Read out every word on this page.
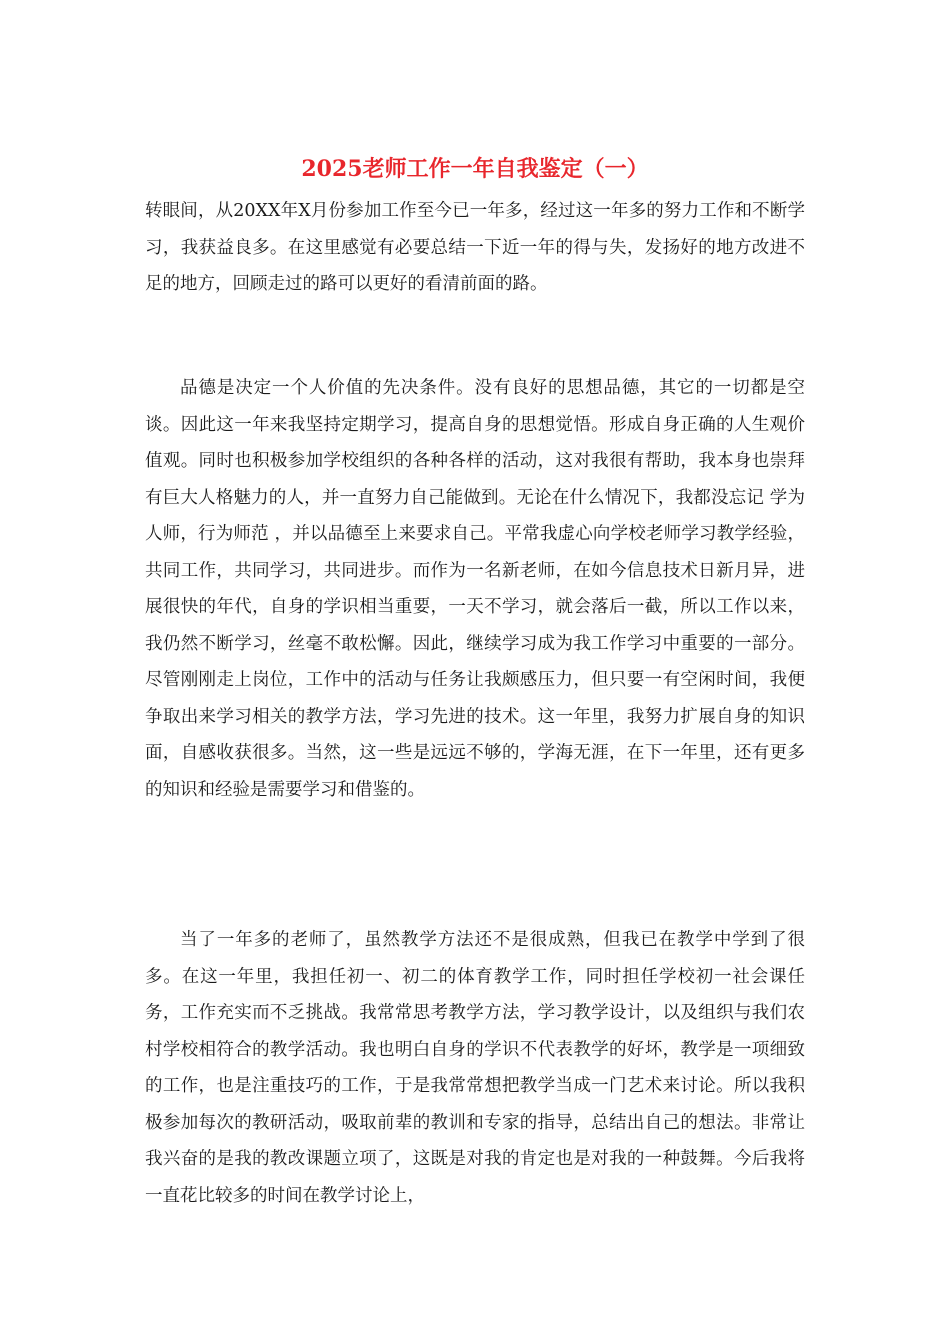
2025老师工作一年自我鉴定（一）

转眼间，从20XX年X月份参加工作至今已一年多，经过这一年多的努力工作和不断学习，我获益良多。在这里感觉有必要总结一下近一年的得与失，发扬好的地方改进不足的地方，回顾走过的路可以更好的看清前面的路。

品德是决定一个人价值的先决条件。没有良好的思想品德，其它的一切都是空谈。因此这一年来我坚持定期学习，提高自身的思想觉悟。形成自身正确的人生观价值观。同时也积极参加学校组织的各种各样的活动，这对我很有帮助，我本身也崇拜有巨大人格魅力的人，并一直努力自己能做到。无论在什么情况下，我都没忘记 学为人师，行为师范 ，并以品德至上来要求自己。平常我虚心向学校老师学习教学经验，共同工作，共同学习，共同进步。而作为一名新老师，在如今信息技术日新月异，进展很快的年代，自身的学识相当重要，一天不学习，就会落后一截，所以工作以来，我仍然不断学习，丝毫不敢松懈。因此，继续学习成为我工作学习中重要的一部分。尽管刚刚走上岗位，工作中的活动与任务让我颇感压力，但只要一有空闲时间，我便争取出来学习相关的教学方法，学习先进的技术。这一年里，我努力扩展自身的知识面，自感收获很多。当然，这一些是远远不够的，学海无涯，在下一年里，还有更多的知识和经验是需要学习和借鉴的。

当了一年多的老师了，虽然教学方法还不是很成熟，但我已在教学中学到了很多。在这一年里，我担任初一、初二的体育教学工作，同时担任学校初一社会课任务，工作充实而不乏挑战。我常常思考教学方法，学习教学设计，以及组织与我们农村学校相符合的教学活动。我也明白自身的学识不代表教学的好坏，教学是一项细致的工作，也是注重技巧的工作，于是我常常想把教学当成一门艺术来讨论。所以我积极参加每次的教研活动，吸取前辈的教训和专家的指导，总结出自己的想法。非常让我兴奋的是我的教改课题立项了，这既是对我的肯定也是对我的一种鼓舞。今后我将一直花比较多的时间在教学讨论上，
